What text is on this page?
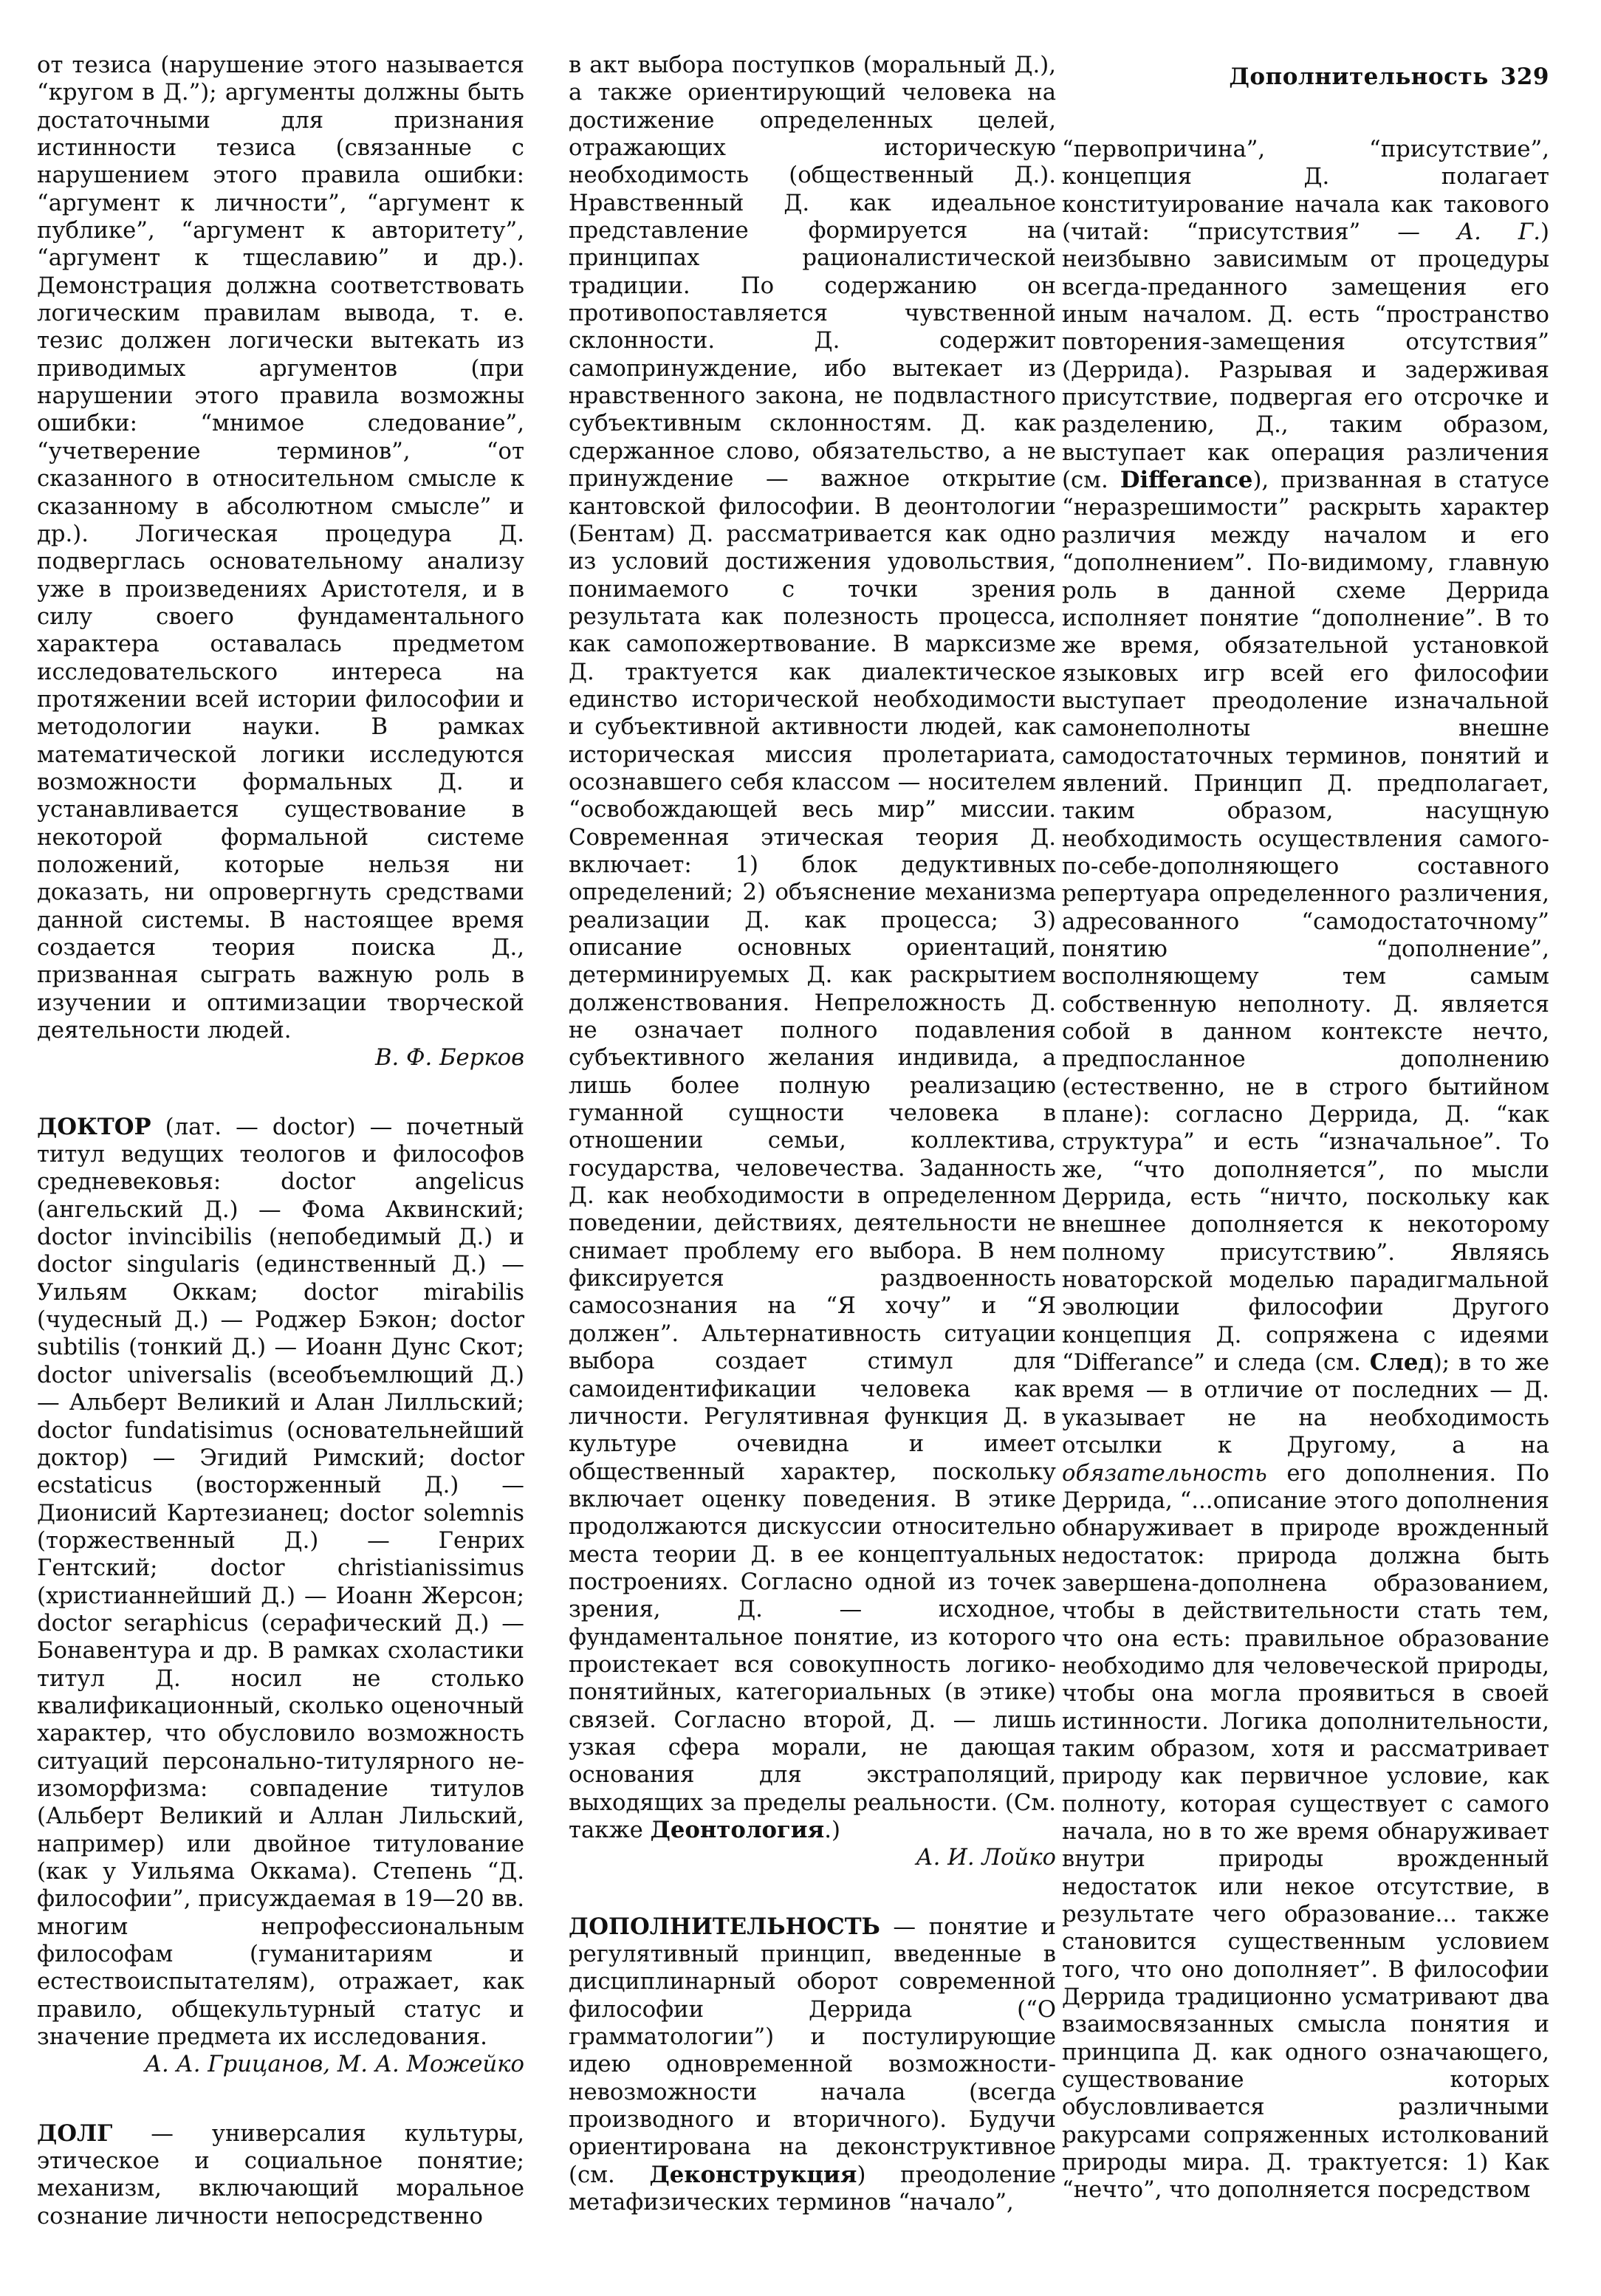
Дополнительность 329

от тезиса (нарушение этого называется “кругом в Д.”); аргументы должны быть достаточными для признания истинности тезиса (связанные с нарушением этого правила ошибки: “аргумент к личности”, “аргумент к публике”, “аргумент к авторитету”, “аргумент к тщеславию” и др.). Демонстрация должна соответствовать логическим правилам вывода, т. е. тезис должен логически вытекать из приводимых аргументов (при нарушении этого правила возможны ошибки: “мнимое следование”, “учетверение терминов”, “от сказанного в относительном смысле к сказанному в абсолютном смысле” и др.). Логическая процедура Д. подверглась основательному анализу уже в произведениях Аристотеля, и в силу своего фундаментального характера оставалась предметом исследовательского интереса на протяжении всей истории философии и методологии науки. В рамках математической логики исследуются возможности формальных Д. и устанавливается существование в некоторой формальной системе положений, которые нельзя ни доказать, ни опровергнуть средствами данной системы. В настоящее время создается теория поиска Д., призванная сыграть важную роль в изучении и оптимизации творческой деятельности людей.

В. Ф. Берков

ДОКТОР (лат. — doctor) — почетный титул ведущих теологов и философов средневековья: doctor angelicus (ангельский Д.) — Фома Аквинский; doctor invincibilis (непобедимый Д.) и doctor singularis (единственный Д.) — Уильям Оккам; doctor mirabilis (чудесный Д.) — Роджер Бэкон; doctor subtilis (тонкий Д.) — Иоанн Дунс Скот; doctor universalis (всеобъемлющий Д.) — Альберт Великий и Алан Лилльский; doctor fundatisimus (основательнейший доктор) — Эгидий Римский; doctor ecstaticus (восторженный Д.) — Дионисий Картезианец; doctor solemnis (торжественный Д.) — Генрих Гентский; doctor christianissimus (христианнейший Д.) — Иоанн Жерсон; doctor seraphicus (серафический Д.) — Бонавентура и др. В рамках схоластики титул Д. носил не столько квалификационный, сколько оценочный характер, что обусловило возможность ситуаций персонально-титулярного не-изоморфизма: совпадение титулов (Альберт Великий и Аллан Лильский, например) или двойное титулование (как у Уильяма Оккама). Степень “Д. философии”, присуждаемая в 19—20 вв. многим непрофессиональным философам (гуманитариям и естествоиспытателям), отражает, как правило, общекультурный статус и значение предмета их исследования.

А. А. Грицанов, М. А. Можейко

ДОЛГ — универсалия культуры, этическое и социальное понятие; механизм, включающий моральное сознание личности непосредственно

в акт выбора поступков (моральный Д.), а также ориентирующий человека на достижение определенных целей, отражающих историческую необходимость (общественный Д.). Нравственный Д. как идеальное представление формируется на принципах рационалистической традиции. По содержанию он противопоставляется чувственной склонности. Д. содержит самопринуждение, ибо вытекает из нравственного закона, не подвластного субъективным склонностям. Д. как сдержанное слово, обязательство, а не принуждение — важное открытие кантовской философии. В деонтологии (Бентам) Д. рассматривается как одно из условий достижения удовольствия, понимаемого с точки зрения результата как полезность процесса, как самопожертвование. В марксизме Д. трактуется как диалектическое единство исторической необходимости и субъективной активности людей, как историческая миссия пролетариата, осознавшего себя классом — носителем “освобождающей весь мир” миссии. Современная этическая теория Д. включает: 1) блок дедуктивных определений; 2) объяснение механизма реализации Д. как процесса; 3) описание основных ориентаций, детерминируемых Д. как раскрытием долженствования. Непреложность Д. не означает полного подавления субъективного желания индивида, а лишь более полную реализацию гуманной сущности человека в отношении семьи, коллектива, государства, человечества. Заданность Д. как необходимости в определенном поведении, действиях, деятельности не снимает проблему его выбора. В нем фиксируется раздвоенность самосознания на “Я хочу” и “Я должен”. Альтернативность ситуации выбора создает стимул для самоидентификации человека как личности. Регулятивная функция Д. в культуре очевидна и имеет общественный характер, поскольку включает оценку поведения. В этике продолжаются дискуссии относительно места теории Д. в ее концептуальных построениях. Согласно одной из точек зрения, Д. — исходное, фундаментальное понятие, из которого проистекает вся совокупность логико-понятийных, категориальных (в этике) связей. Согласно второй, Д. — лишь узкая сфера морали, не дающая основания для экстраполяций, выходящих за пределы реальности. (См. также Деонтология.)

А. И. Лойко

ДОПОЛНИТЕЛЬНОСТЬ — понятие и регулятивный принцип, введенные в дисциплинарный оборот современной философии Деррида (“О грамматологии”) и постулирующие идею одновременной возможности-невозможности начала (всегда производного и вторичного). Будучи ориентирована на деконструктивное (см. Деконструкция) преодоление метафизических терминов “начало”,

“первопричина”, “присутствие”, концепция Д. полагает конституирование начала как такового (читай: “присутствия” — А. Г.) неизбывно зависимым от процедуры всегда-преданного замещения его иным началом. Д. есть “пространство повторения-замещения отсутствия” (Деррида). Разрывая и задерживая присутствие, подвергая его отсрочке и разделению, Д., таким образом, выступает как операция различения (см. Differance), призванная в статусе “неразрешимости” раскрыть характер различия между началом и его “дополнением”. По-видимому, главную роль в данной схеме Деррида исполняет понятие “дополнение”. В то же время, обязательной установкой языковых игр всей его философии выступает преодоление изначальной самонеполноты внешне самодостаточных терминов, понятий и явлений. Принцип Д. предполагает, таким образом, насущную необходимость осуществления самого-по-себе-дополняющего составного репертуара определенного различения, адресованного “самодостаточному” понятию “дополнение”, восполняющему тем самым собственную неполноту. Д. является собой в данном контексте нечто, предпосланное дополнению (естественно, не в строго бытийном плане): согласно Деррида, Д. “как структура” и есть “изначальное”. То же, “что дополняется”, по мысли Деррида, есть “ничто, поскольку как внешнее дополняется к некоторому полному присутствию”. Являясь новаторской моделью парадигмальной эволюции философии Другого концепция Д. сопряжена с идеями “Differance” и следа (см. След); в то же время — в отличие от последних — Д. указывает не на необходимость отсылки к Другому, а на обязательность его дополнения. По Деррида, “...описание этого дополнения обнаруживает в природе врожденный недостаток: природа должна быть завершена-дополнена образованием, чтобы в действительности стать тем, что она есть: правильное образование необходимо для человеческой природы, чтобы она могла проявиться в своей истинности. Логика дополнительности, таким образом, хотя и рассматривает природу как первичное условие, как полноту, которая существует с самого начала, но в то же время обнаруживает внутри природы врожденный недостаток или некое отсутствие, в результате чего образование... также становится существенным условием того, что оно дополняет”. В философии Деррида традиционно усматривают два взаимосвязанных смысла понятия и принципа Д. как одного означающего, существование которых обусловливается различными ракурсами сопряженных истолкований природы мира. Д. трактуется: 1) Как “нечто”, что дополняется посредством
